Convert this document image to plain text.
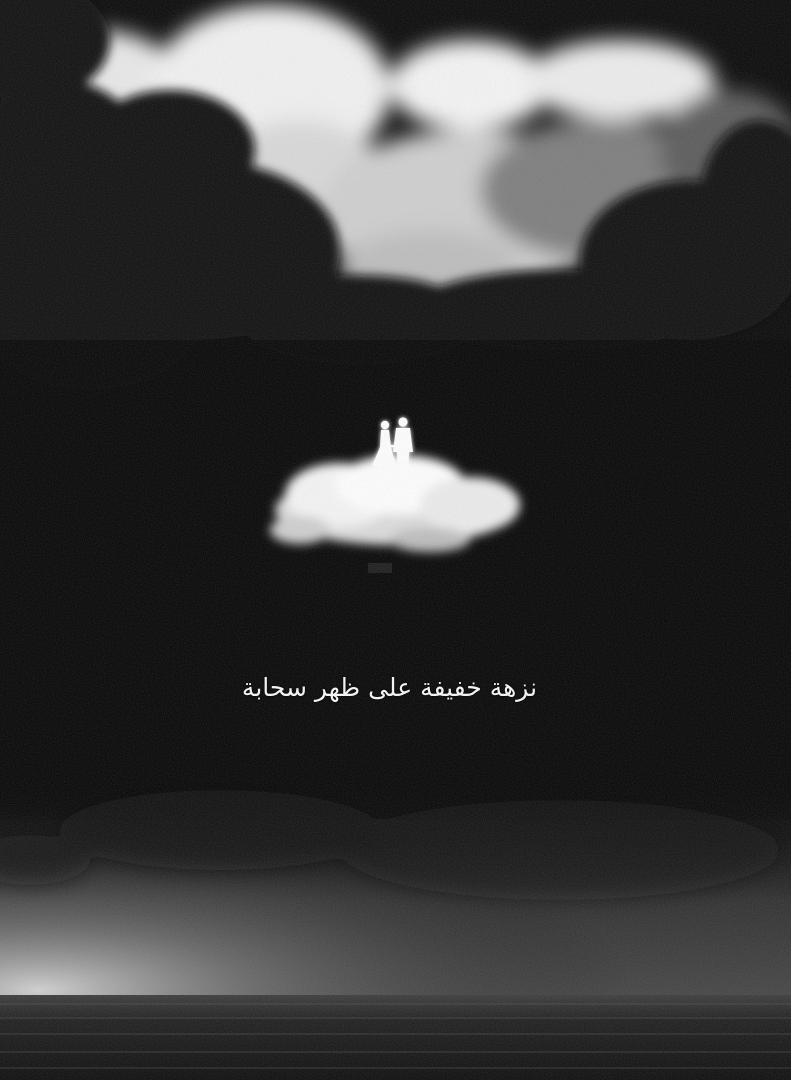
نزهة خفيفة على ظهر سحابة
